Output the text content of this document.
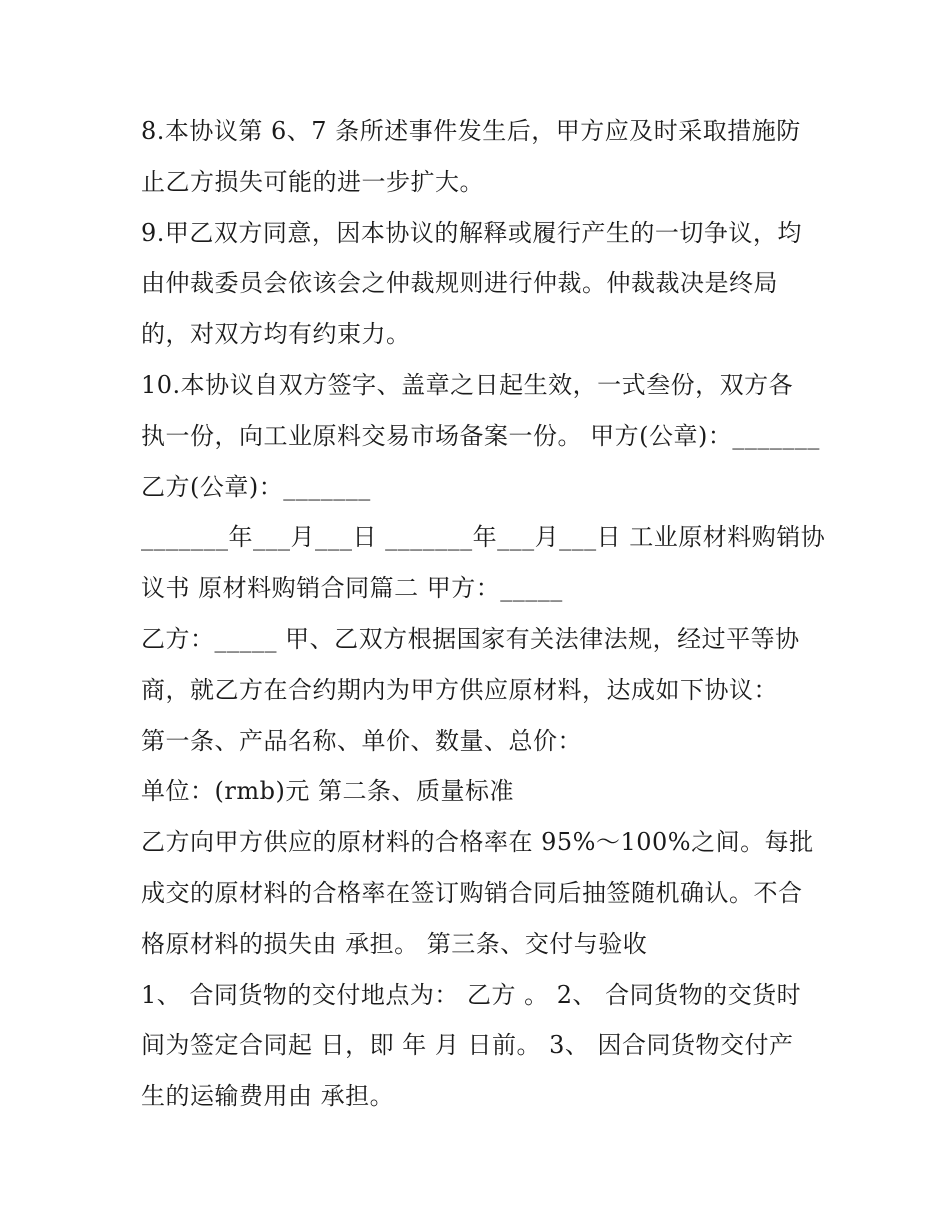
8.本协议第 6、7 条所述事件发生后，甲方应及时采取措施防
止乙方损失可能的进一步扩大。
9.甲乙双方同意，因本协议的解释或履行产生的一切争议，均
由仲裁委员会依该会之仲裁规则进行仲裁。仲裁裁决是终局
的，对双方均有约束力。
10.本协议自双方签字、盖章之日起生效，一式叁份，双方各
执一份，向工业原料交易市场备案一份。 甲方(公章)：_______
乙方(公章)：_______
_______年___月___日 _______年___月___日 工业原材料购销协
议书 原材料购销合同篇二 甲方：_____
乙方：_____ 甲、乙双方根据国家有关法律法规，经过平等协
商，就乙方在合约期内为甲方供应原材料，达成如下协议：
第一条、产品名称、单价、数量、总价：
单位：(rmb)元 第二条、质量标准
乙方向甲方供应的原材料的合格率在 95%～100%之间。每批
成交的原材料的合格率在签订购销合同后抽签随机确认。不合
格原材料的损失由 承担。 第三条、交付与验收
1、 合同货物的交付地点为： 乙方 。 2、 合同货物的交货时
间为签定合同起 日，即 年 月 日前。 3、 因合同货物交付产
生的运输费用由 承担。
